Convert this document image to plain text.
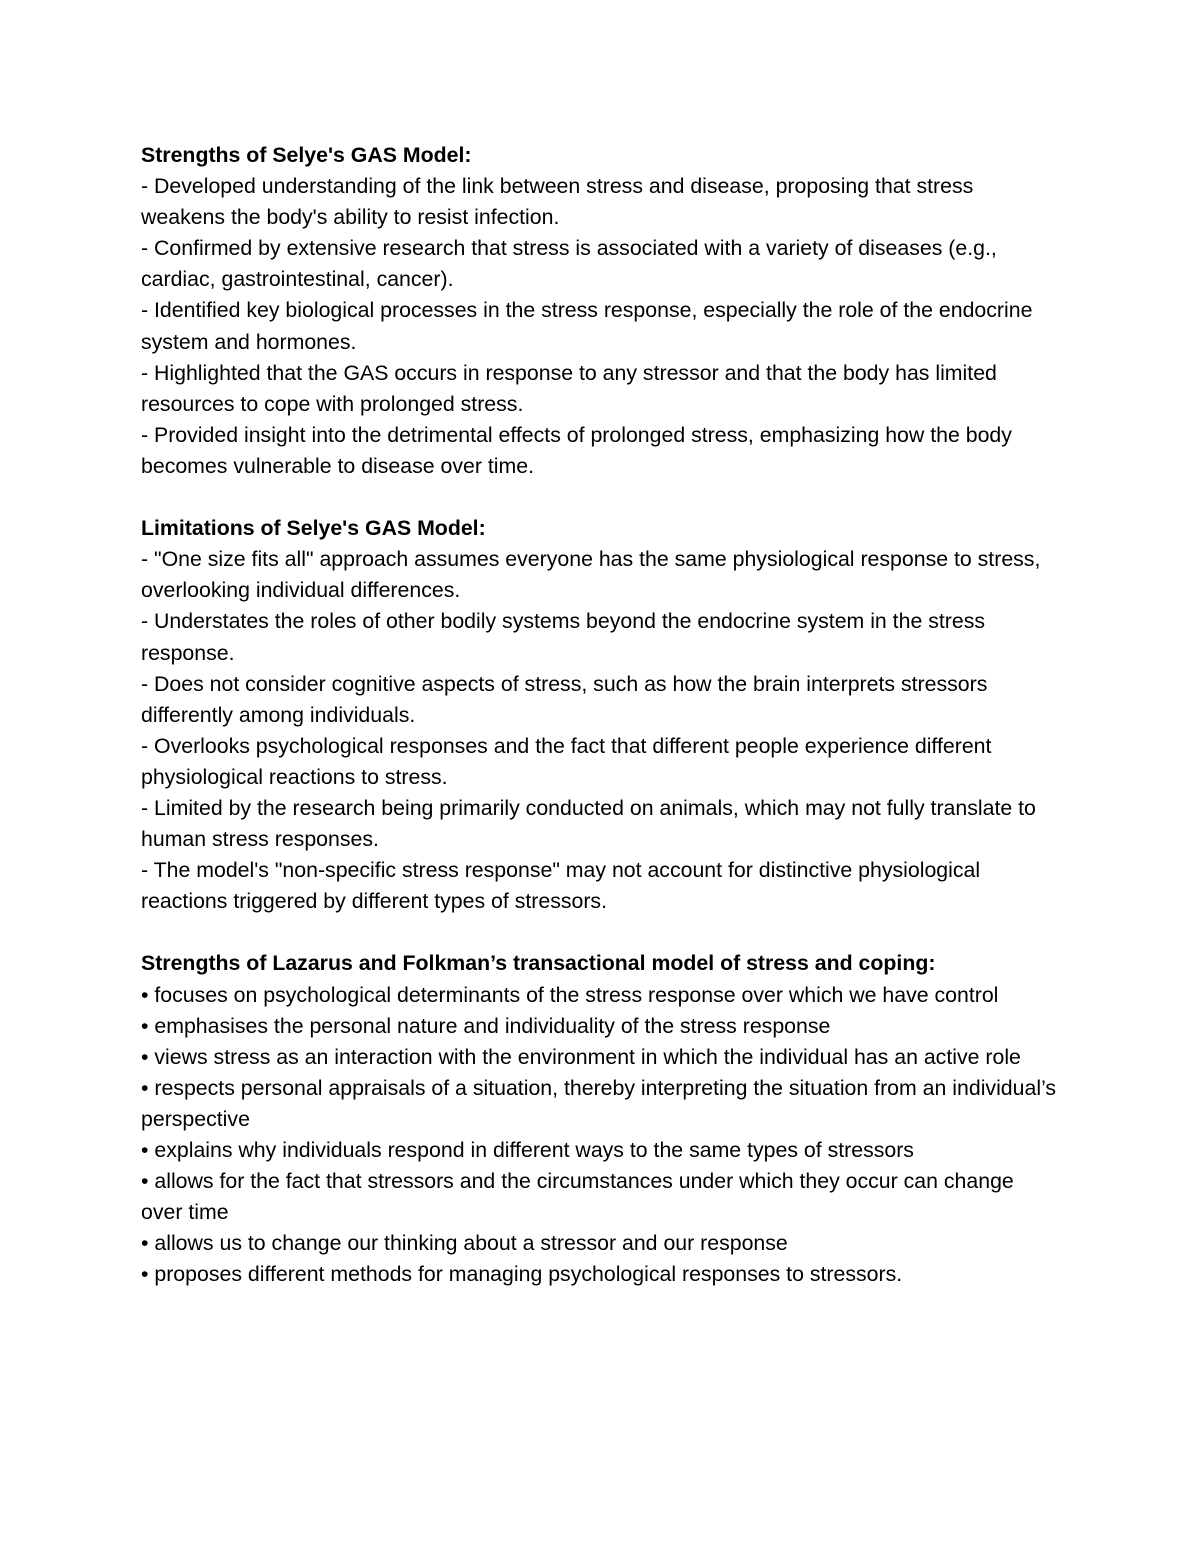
Strengths of Selye's GAS Model:

- Developed understanding of the link between stress and disease, proposing that stress weakens the body's ability to resist infection.
- Confirmed by extensive research that stress is associated with a variety of diseases (e.g., cardiac, gastrointestinal, cancer).
- Identified key biological processes in the stress response, especially the role of the endocrine system and hormones.
- Highlighted that the GAS occurs in response to any stressor and that the body has limited resources to cope with prolonged stress.
- Provided insight into the detrimental effects of prolonged stress, emphasizing how the body becomes vulnerable to disease over time.

Limitations of Selye's GAS Model:

- "One size fits all" approach assumes everyone has the same physiological response to stress, overlooking individual differences.
- Understates the roles of other bodily systems beyond the endocrine system in the stress response.
- Does not consider cognitive aspects of stress, such as how the brain interprets stressors differently among individuals.
- Overlooks psychological responses and the fact that different people experience different physiological reactions to stress.
- Limited by the research being primarily conducted on animals, which may not fully translate to human stress responses.
- The model's "non-specific stress response" may not account for distinctive physiological reactions triggered by different types of stressors.

Strengths of Lazarus and Folkman’s transactional model of stress and coping:

• focuses on psychological determinants of the stress response over which we have control
• emphasises the personal nature and individuality of the stress response
• views stress as an interaction with the environment in which the individual has an active role
• respects personal appraisals of a situation, thereby interpreting the situation from an individual’s perspective
• explains why individuals respond in different ways to the same types of stressors
• allows for the fact that stressors and the circumstances under which they occur can change over time
• allows us to change our thinking about a stressor and our response
• proposes different methods for managing psychological responses to stressors.
